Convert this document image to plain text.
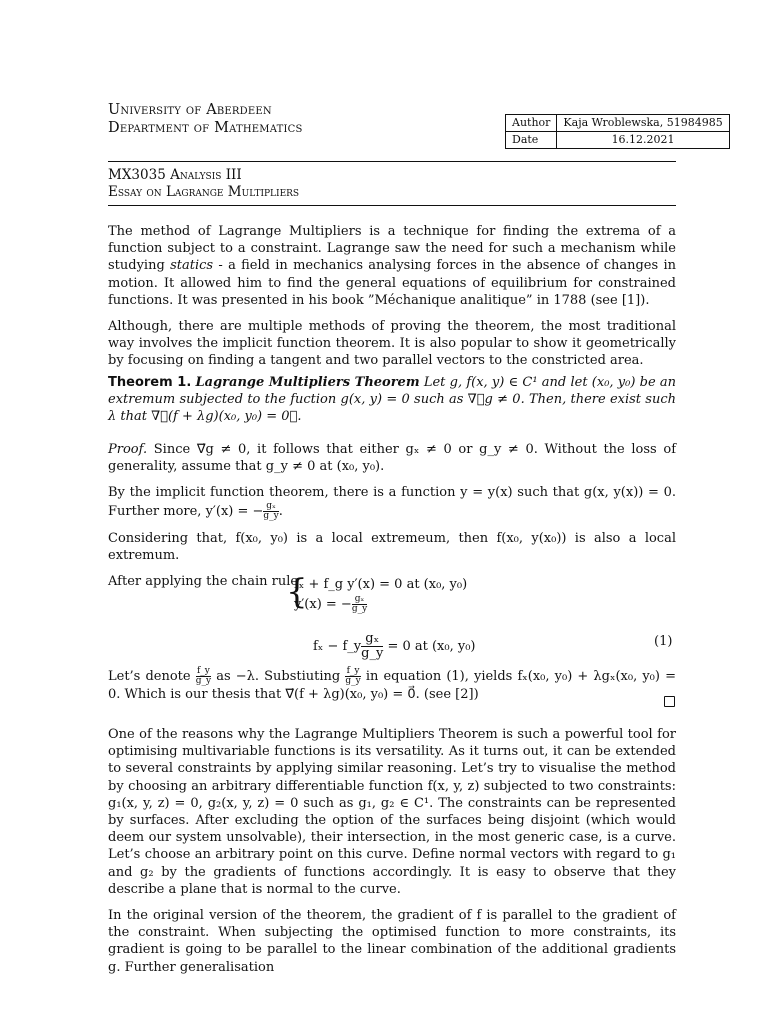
University of Aberdeen
Department of Mathematics	Author	Kaja Wroblewska, 51984985
Date	16.12.2021
MX3035 Analysis III
Essay on Lagrange Multipliers

The method of Lagrange Multipliers is a technique for finding the extrema of a function subject to a constraint. Lagrange saw the need for such a mechanism while studying statics - a field in mechanics analysing forces in the absence of changes in motion. It allowed him to find the general equations of equilibrium for constrained functions. It was presented in his book ”Méchanique analitique” in 1788 (see [1]).

Although, there are multiple methods of proving the theorem, the most traditional way involves the implicit function theorem. It is also popular to show it geometrically by focusing on finding a tangent and two parallel vectors to the constricted area.

Theorem 1. Lagrange Multipliers Theorem Let g, f(x, y) ∈ C¹ and let (x₀, y₀) be an extremum subjected to the fuction g(x, y) = 0 such as ∇⃗g ≠ 0. Then, there exist such λ that ∇⃗(f + λg)(x₀, y₀) = 0⃗.

Proof. Since ∇⃗g ≠ 0, it follows that either gₓ ≠ 0 or g_y ≠ 0. Without the loss of generality, assume that g_y ≠ 0 at (x₀, y₀).

By the implicit function theorem, there is a function y = y(x) such that g(x, y(x)) = 0. Further more, y′(x) = − $\frac{\text{gₓ}}{g\_y}$ .

Considering that, f(x₀, y₀) is a local extremeum, then f(x₀, y(x₀)) is also a local extremum.

After applying the chain rule

{
fₓ + f_g y′(x) = 0 at (x₀, y₀)
y′(x) = − $\frac{\text{gₓ}}{g\_y}$
fₓ − f_y $\frac{\text{gₓ}}{g\_y} = 0$ at (x₀, y₀)	(1)

Let’s denote $\frac{f\_y}{g\_y}$ as −λ. Substiuting $\frac{f\_y}{g\_y}$ in equation (1), yields fₓ(x₀, y₀) + λgₓ(x₀, y₀) = 0. Which is our thesis that ∇⃗(f + λg)(x₀, y₀) = 0⃗. (see [2])

One of the reasons why the Lagrange Multipliers Theorem is such a powerful tool for optimising multivariable functions is its versatility. As it turns out, it can be extended to several constraints by applying similar reasoning. Let’s try to visualise the method by choosing an arbitrary differentiable function f(x, y, z) subjected to two constraints: g₁(x, y, z) = 0, g₂(x, y, z) = 0 such as g₁, g₂ ∈ C¹. The constraints can be represented by surfaces. After excluding the option of the surfaces being disjoint (which would deem our system unsolvable), their intersection, in the most generic case, is a curve. Let’s choose an arbitrary point on this curve. Define normal vectors with regard to g₁ and g₂ by the gradients of functions accordingly. It is easy to observe that they describe a plane that is normal to the curve.

In the original version of the theorem, the gradient of f is parallel to the gradient of the constraint. When subjecting the optimised function to more constraints, its gradient is going to be parallel to the linear combination of the additional gradients g. Further generalisation
